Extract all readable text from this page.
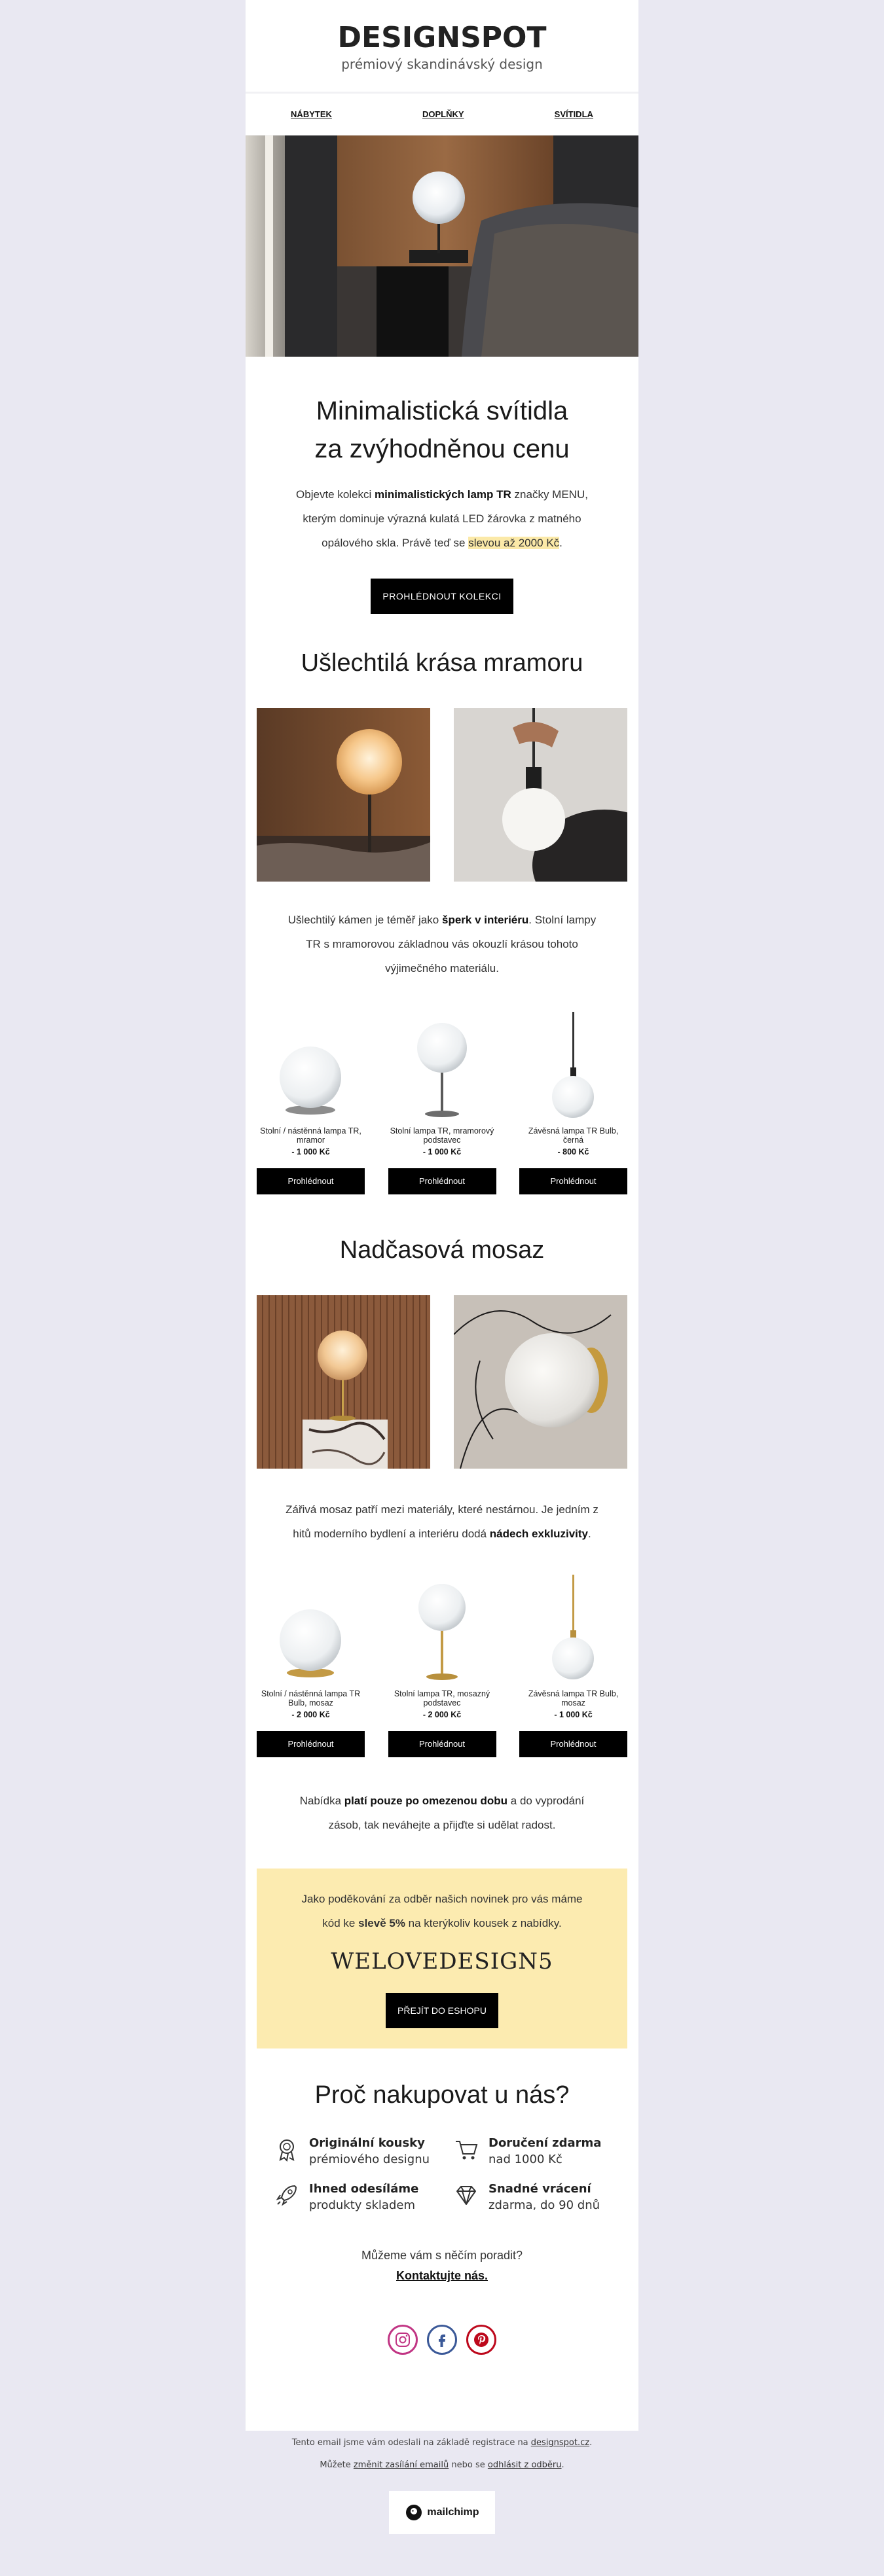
DESIGNSPOT
prémiový skandinávský design
NÁBYTEK	DOPLŇKY	SVÍTIDLA
Minimalistická svítidla
za zvýhodněnou cenu
Objevte kolekci minimalistických lamp TR značky MENU,
kterým dominuje výrazná kulatá LED žárovka z matného
opálového skla. Právě teď se slevou až 2000 Kč.
PROHLÉDNOUT KOLEKCI
Ušlechtilá krása mramoru
Ušlechtilý kámen je téměř jako šperk v interiéru. Stolní lampy
TR s mramorovou základnou vás okouzlí krásou tohoto
výjimečného materiálu.
Stolní / nástěnná lampa TR, mramor
- 1 000 Kč
Prohlédnout
Stolní lampa TR, mramorový podstavec
- 1 000 Kč
Prohlédnout
Závěsná lampa TR Bulb, černá
- 800 Kč
Prohlédnout
Nadčasová mosaz
Zářivá mosaz patří mezi materiály, které nestárnou. Je jedním z
hitů moderního bydlení a interiéru dodá nádech exkluzivity.
Stolní / nástěnná lampa TR Bulb, mosaz
- 2 000 Kč
Prohlédnout
Stolní lampa TR, mosazný podstavec
- 2 000 Kč
Prohlédnout
Závěsná lampa TR Bulb, mosaz
- 1 000 Kč
Prohlédnout
Nabídka platí pouze po omezenou dobu a do vyprodání
zásob, tak neváhejte a přijďte si udělat radost.
Jako poděkování za odběr našich novinek pro vás máme
kód ke slevě 5% na kterýkoliv kousek z nabídky.
WELOVEDESIGN5
PŘEJÍT DO ESHOPU
Proč nakupovat u nás?
Originální kousky
prémiového designu
Doručení zdarma
nad 1000 Kč
Ihned odesíláme
produkty skladem
Snadné vrácení
zdarma, do 90 dnů
Můžeme vám s něčím poradit?
Kontaktujte nás.
Tento email jsme vám odeslali na základě registrace na designspot.cz.
Můžete změnit zasílání emailů nebo se odhlásit z odběru.
mailchimp
